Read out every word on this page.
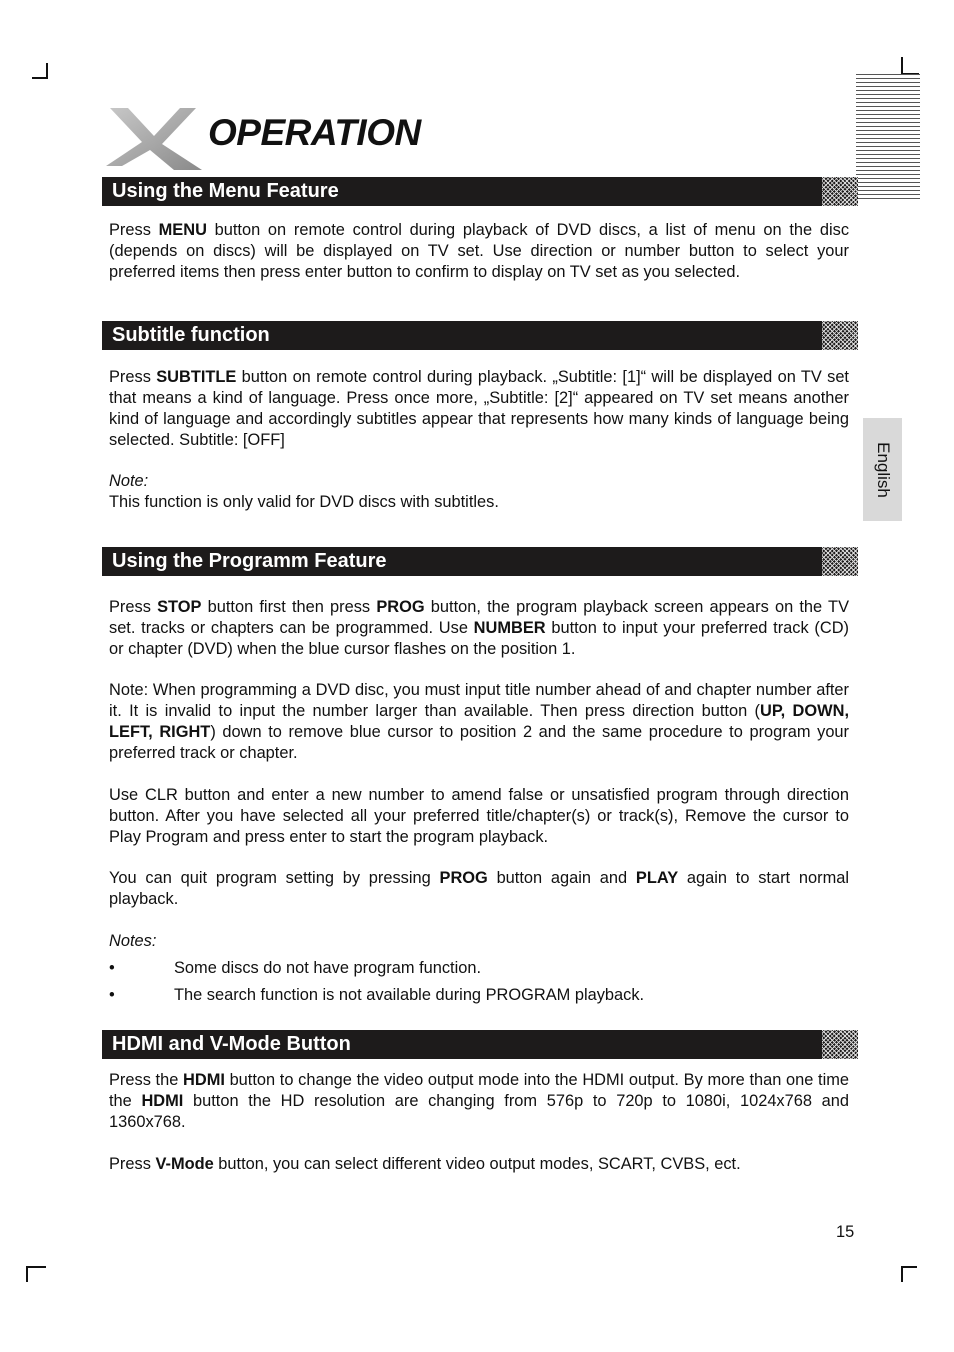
OPERATION
English
Using the Menu Feature

Press MENU button on remote control during playback of DVD discs, a list of menu on the disc (depends on discs) will be displayed on TV set. Use direction or number button to select your preferred items then press enter button to confirm to display on TV set as you selected.

Subtitle function

Press SUBTITLE button on remote control during playback. „Subtitle: [1]“ will be displayed on TV set that means a kind of language. Press once more, „Subtitle: [2]“ appeared on TV set means another kind of language and accordingly subtitles appear that represents how many kinds of language being selected. Subtitle: [OFF]

Note:

This function is only valid for DVD discs with subtitles.

Using the Programm Feature

Press STOP button first then press PROG button, the program playback screen appears on the TV set. tracks or chapters can be programmed. Use NUMBER button to input your preferred track (CD) or chapter (DVD) when the blue cursor flashes on the position 1.

Note: When programming a DVD disc, you must input title number ahead of and chapter number after it. It is invalid to input the number larger than available. Then press direction button (UP, DOWN, LEFT, RIGHT) down to remove blue cursor to position 2 and the same procedure to program your preferred track or chapter.

Use CLR button and enter a new number to amend false or unsatisfied program through direction button. After you have selected all your preferred title/chapter(s) or track(s), Remove the cursor to Play Program and press enter to start the program playback.

You can quit program setting by pressing PROG button again and PLAY again to start normal playback.

Notes:

•	Some discs do not have program function.
•	The search function is not available during PROGRAM playback.
HDMI and V-Mode Button

Press the HDMI button to change the video output mode into the HDMI output. By more than one time the HDMI button the HD resolution are changing from 576p to 720p to 1080i, 1024x768 and 1360x768.

Press V-Mode button, you can select different video output modes, SCART, CVBS, ect.

15
